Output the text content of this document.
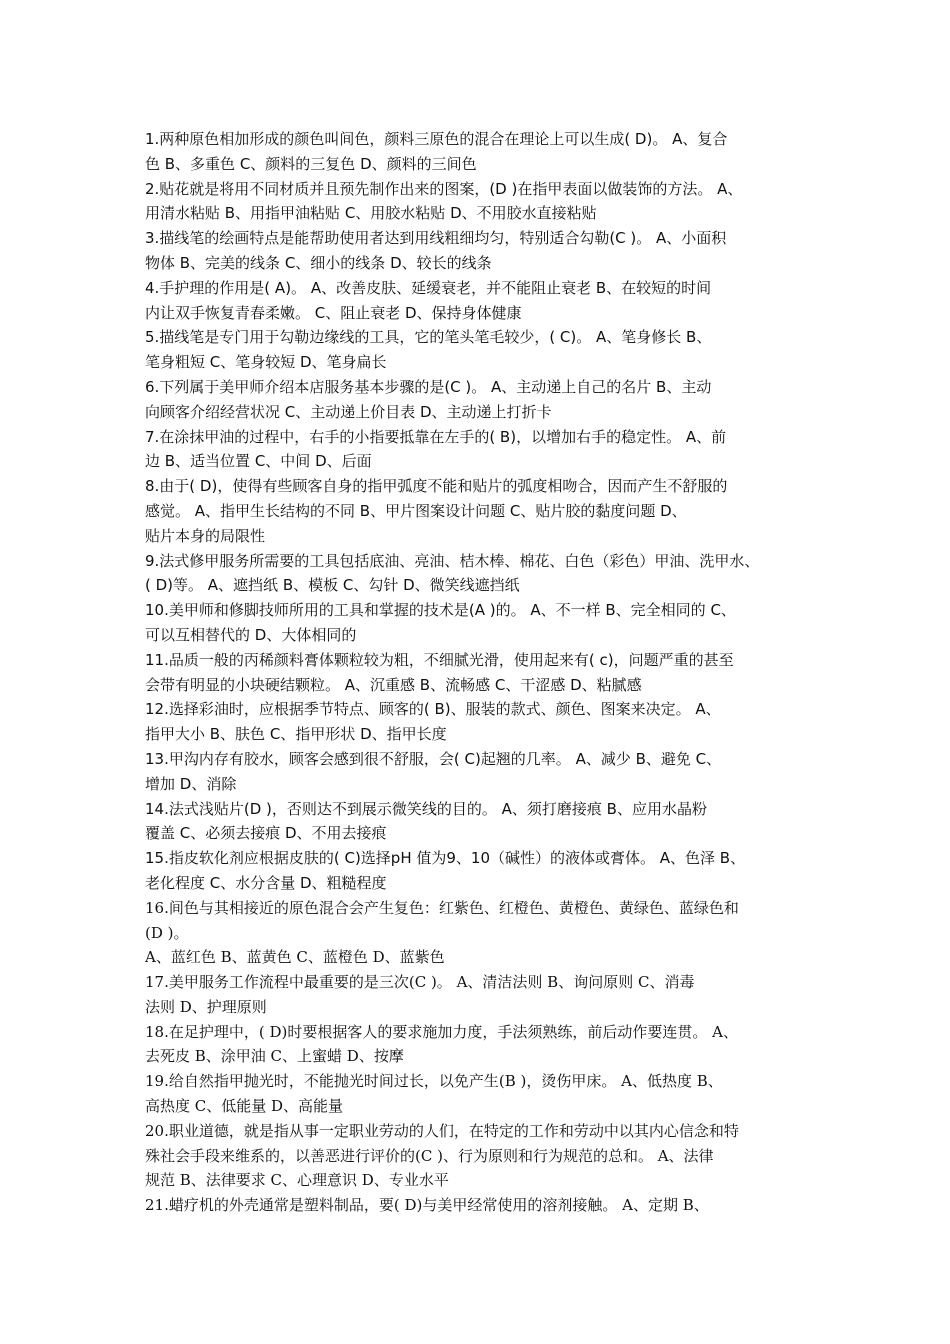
1.两种原色相加形成的颜色叫间色，颜料三原色的混合在理论上可以生成( D)。 A、复合
色 B、多重色 C、颜料的三复色 D、颜料的三间色
2.贴花就是将用不同材质并且预先制作出来的图案，(D )在指甲表面以做装饰的方法。 A、
用清水粘贴 B、用指甲油粘贴 C、用胶水粘贴 D、不用胶水直接粘贴
3.描线笔的绘画特点是能帮助使用者达到用线粗细均匀，特别适合勾勒(C )。 A、小面积
物体 B、完美的线条 C、细小的线条 D、较长的线条
4.手护理的作用是( A)。 A、改善皮肤、延缓衰老，并不能阻止衰老 B、在较短的时间
内让双手恢复青春柔嫩。 C、阻止衰老 D、保持身体健康
5.描线笔是专门用于勾勒边缘线的工具，它的笔头笔毛较少，( C)。 A、笔身修长 B、
笔身粗短 C、笔身较短 D、笔身扁长
6.下列属于美甲师介绍本店服务基本步骤的是(C )。 A、主动递上自己的名片 B、主动
向顾客介绍经营状况 C、主动递上价目表 D、主动递上打折卡
7.在涂抹甲油的过程中，右手的小指要抵靠在左手的( B)，以增加右手的稳定性。 A、前
边 B、适当位置 C、中间 D、后面
8.由于( D)，使得有些顾客自身的指甲弧度不能和贴片的弧度相吻合，因而产生不舒服的
感觉。 A、指甲生长结构的不同 B、甲片图案设计问题 C、贴片胶的黏度问题 D、
贴片本身的局限性
9.法式修甲服务所需要的工具包括底油、亮油、桔木棒、棉花、白色（彩色）甲油、洗甲水、
( D)等。 A、遮挡纸 B、模板 C、勾针 D、微笑线遮挡纸
10.美甲师和修脚技师所用的工具和掌握的技术是(A )的。 A、不一样 B、完全相同的 C、
可以互相替代的 D、大体相同的
11.品质一般的丙稀颜料膏体颗粒较为粗，不细腻光滑，使用起来有( c)，问题严重的甚至
会带有明显的小块硬结颗粒。 A、沉重感 B、流畅感 C、干涩感 D、粘腻感
12.选择彩油时，应根据季节特点、顾客的( B)、服装的款式、颜色、图案来决定。 A、
指甲大小 B、肤色 C、指甲形状 D、指甲长度
13.甲沟内存有胶水，顾客会感到很不舒服，会( C)起翘的几率。 A、减少 B、避免 C、
增加 D、消除
14.法式浅贴片(D )，否则达不到展示微笑线的目的。 A、须打磨接痕 B、应用水晶粉
覆盖 C、必须去接痕 D、不用去接痕
15.指皮软化剂应根据皮肤的( C)选择pH 值为9、10（碱性）的液体或膏体。 A、色泽 B、
老化程度 C、水分含量 D、粗糙程度
16.间色与其相接近的原色混合会产生复色：红紫色、红橙色、黄橙色、黄绿色、蓝绿色和
(D )。
A、蓝红色 B、蓝黄色 C、蓝橙色 D、蓝紫色
17.美甲服务工作流程中最重要的是三次(C )。 A、清洁法则 B、询问原则 C、消毒
法则 D、护理原则
18.在足护理中，( D)时要根据客人的要求施加力度，手法须熟练，前后动作要连贯。 A、
去死皮 B、涂甲油 C、上蜜蜡 D、按摩
19.给自然指甲抛光时，不能抛光时间过长，以免产生(B )，烫伤甲床。 A、低热度 B、
高热度 C、低能量 D、高能量
20.职业道德，就是指从事一定职业劳动的人们，在特定的工作和劳动中以其内心信念和特
殊社会手段来维系的，以善恶进行评价的(C )、行为原则和行为规范的总和。 A、法律
规范 B、法律要求 C、心理意识 D、专业水平
21.蜡疗机的外壳通常是塑料制品，要( D)与美甲经常使用的溶剂接触。 A、定期 B、
